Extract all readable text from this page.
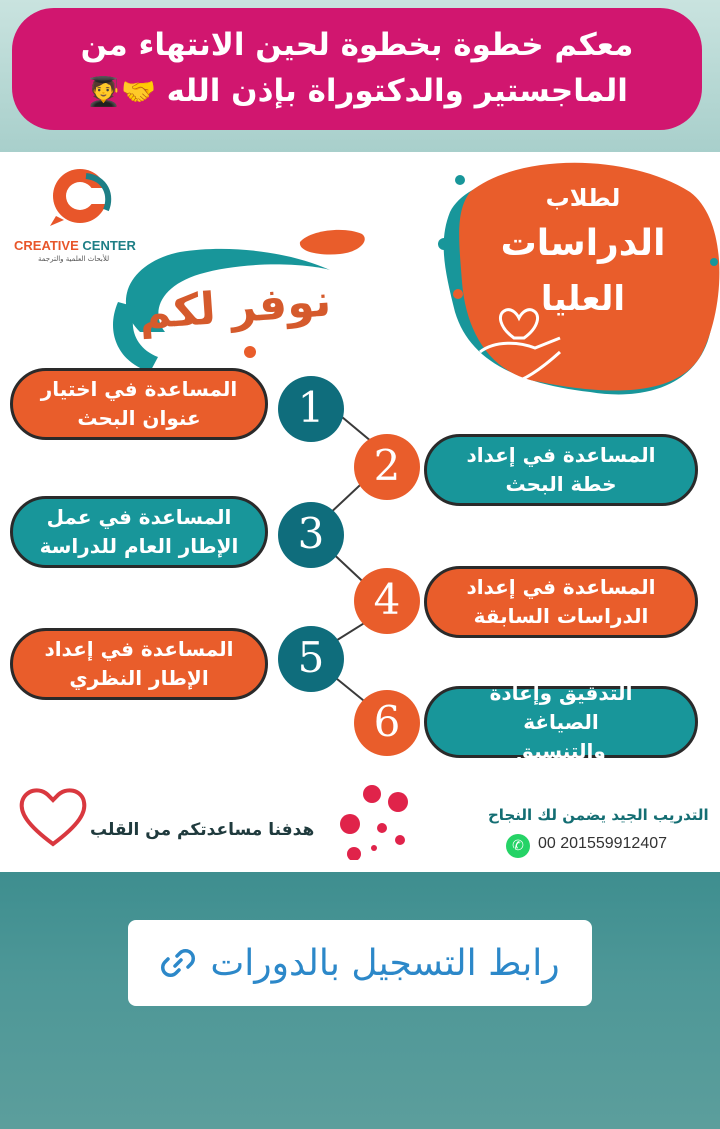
معكم خطوة بخطوة لحين الانتهاء من
الماجستير والدكتوراة بإذن الله 🤝🧑‍🎓
CREATIVE CENTER
للأبحاث العلمية والترجمة
لطلاب
الدراسات
العليا
نوفر لكم
المساعدة في اختيار
عنوان البحث	1
2	المساعدة في إعداد
خطة البحث
المساعدة في عمل
الإطار العام للدراسة	3
4	المساعدة في إعداد
الدراسات السابقة
المساعدة في إعداد
الإطار النظري	5
6
التدقيق وإعادة الصياغة
والتنسيق
هدفنا مساعدتكم من القلب
التدريب الجيد يضمن لك النجاح
✆ 00 201559912407
رابط التسجيل بالدورات
